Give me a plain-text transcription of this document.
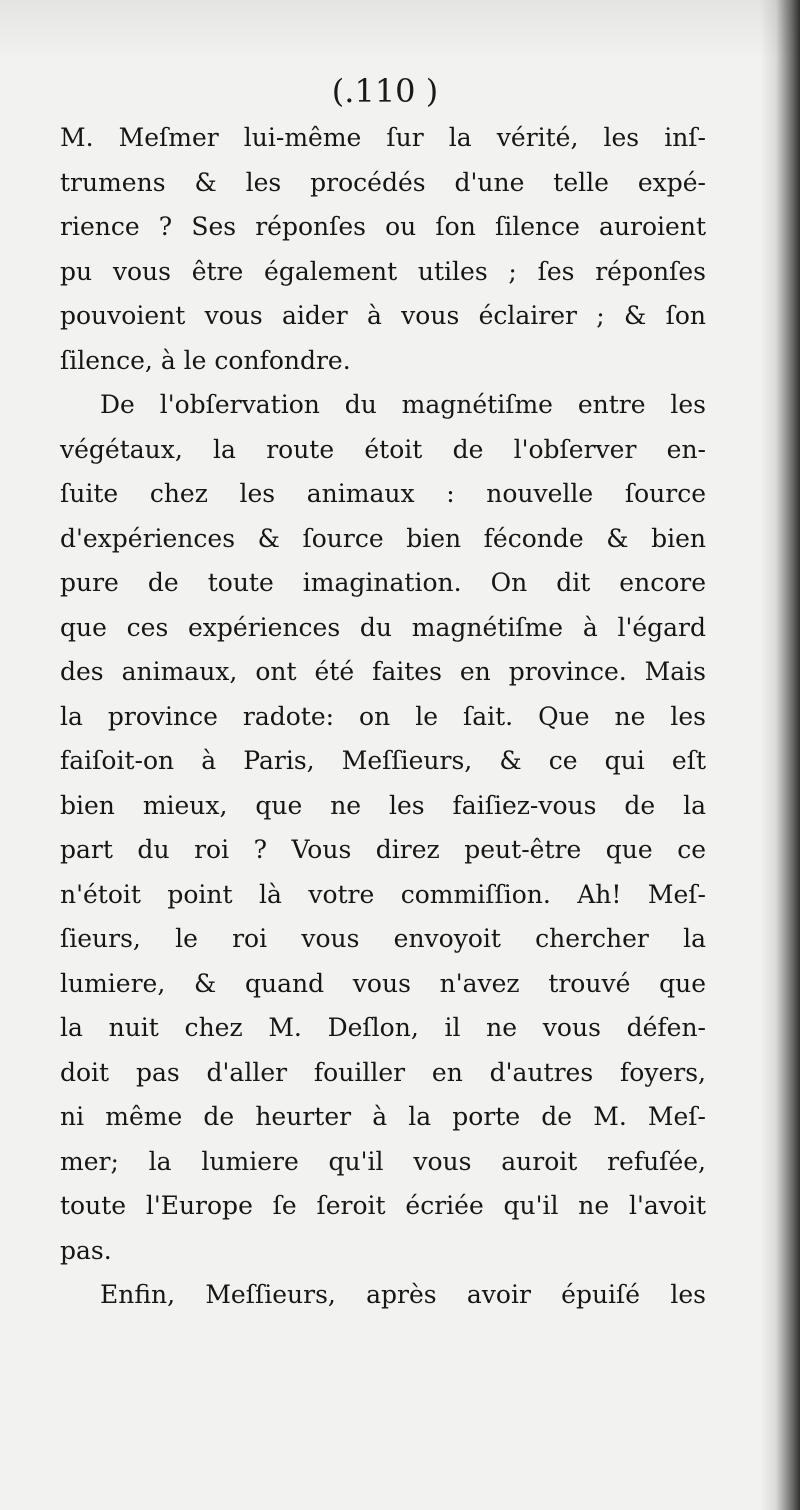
(.110 )
M. Meſmer lui-même ſur la vérité, les inſ-
trumens & les procédés d'une telle expé-
rience ? Ses réponſes ou ſon ſilence auroient
pu vous être également utiles ; ſes réponſes
pouvoient vous aider à vous éclairer ; & ſon
ſilence, à le confondre.
De l'obſervation du magnétiſme entre les
végétaux, la route étoit de l'obſerver en-
ſuite chez les animaux : nouvelle ſource
d'expériences & ſource bien féconde & bien
pure de toute imagination. On dit encore
que ces expériences du magnétiſme à l'égard
des animaux, ont été faites en province. Mais
la province radote: on le ſait. Que ne les
faiſoit-on à Paris, Meſſieurs, & ce qui eſt
bien mieux, que ne les faiſiez-vous de la
part du roi ? Vous direz peut-être que ce
n'étoit point là votre commiſſion. Ah! Meſ-
ſieurs, le roi vous envoyoit chercher la
lumiere, & quand vous n'avez trouvé que
la nuit chez M. Deſlon, il ne vous défen-
doit pas d'aller fouiller en d'autres foyers,
ni même de heurter à la porte de M. Meſ-
mer; la lumiere qu'il vous auroit refuſée,
toute l'Europe ſe ſeroit écriée qu'il ne l'avoit
pas.
Enfin, Meſſieurs, après avoir épuiſé les
